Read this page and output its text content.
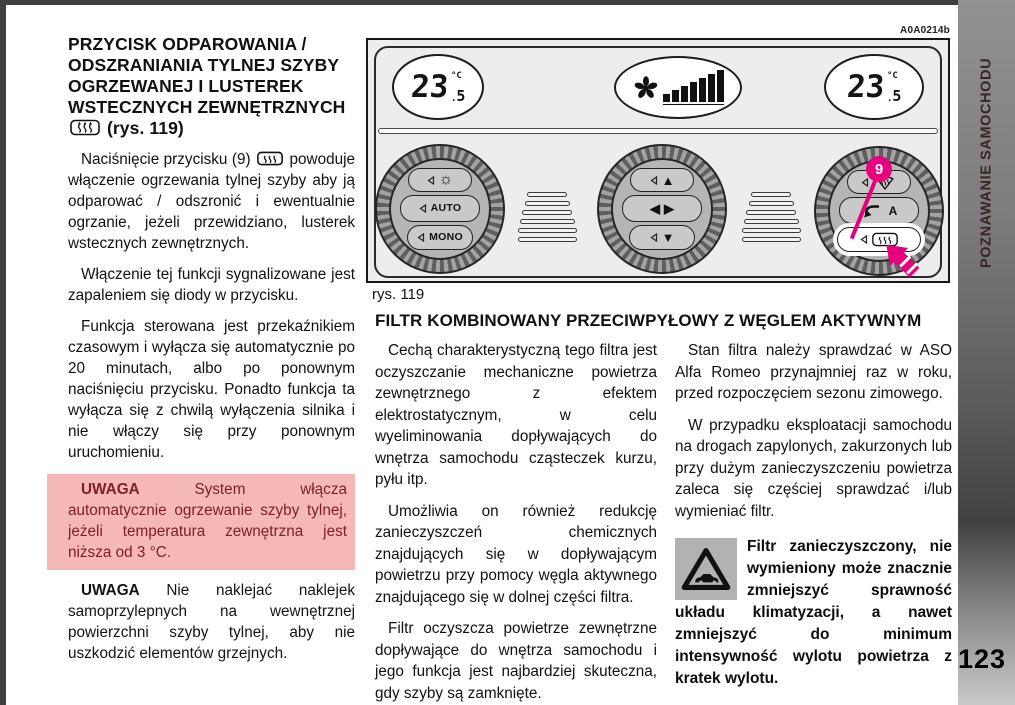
POZNAWANIE SAMOCHODU
123
PRZYCISK ODPAROWANIA / ODSZRANIANIA TYLNEJ SZYBY OGRZEWANEJ I LUSTEREK WSTECZNYCH ZEWNĘTRZNYCH  (rys. 119)

Naciśnięcie przycisku (9)	powoduje włączenie ogrzewania tylnej szyby aby ją odparować / odszronić i ewentualnie ogrzanie, jeżeli przewidziano, lusterek wstecznych zewnętrznych.

Włączenie tej funkcji sygnalizowane jest zapaleniem się diody w przycisku.

Funkcja sterowana jest przekaźnikiem czasowym i wyłącza się automatycznie po 20 minutach, albo po ponownym naciśnięciu przycisku. Ponadto funkcja ta wyłącza się z chwilą wyłączenia silnika i nie włączy się przy ponownym uruchomieniu.

UWAGA	System włącza automatycznie ogrzewanie szyby tylnej, jeżeli temperatura zewnętrzna jest niższa od 3 °C.

UWAGA Nie naklejać naklejek samoprzylepnych na wewnętrznej powierzchni szyby tylnej, aby nie uszkodzić elementów grzejnych.

A0A0214b
23 °C
.5	23 °C
.5
☼
AUTO
MONO
▲
◀ ▶
▼
A
9
rys. 119
FILTR KOMBINOWANY PRZECIWPYŁOWY Z WĘGLEM AKTYWNYM

Cechą charakterystyczną tego filtra jest oczyszczanie mechaniczne powietrza zewnętrznego z efektem elektrostatycznym, w celu wyeliminowania dopływających do wnętrza samochodu cząsteczek kurzu, pyłu itp.

Umożliwia on również redukcję zanieczyszczeń chemicznych znajdujących się w dopływającym powietrzu przy pomocy węgla aktywnego znajdującego się w dolnej części filtra.

Filtr oczyszcza powietrze zewnętrzne dopływające do wnętrza samochodu i jego funkcja jest najbardziej skuteczna, gdy szyby są zamknięte.

Stan filtra należy sprawdzać w ASO Alfa Romeo przynajmniej raz w roku, przed rozpoczęciem sezonu zimowego.

W przypadku eksploatacji samochodu na drogach zapylonych, zakurzonych lub przy dużym zanieczyszczeniu powietrza zaleca się częściej sprawdzać i/lub wymieniać filtr.

Filtr zanieczyszczony, nie wymieniony może znacznie zmniejszyć sprawność układu klimatyzacji, a nawet zmniejszyć do minimum intensywność wylotu powietrza z kratek wylotu.
